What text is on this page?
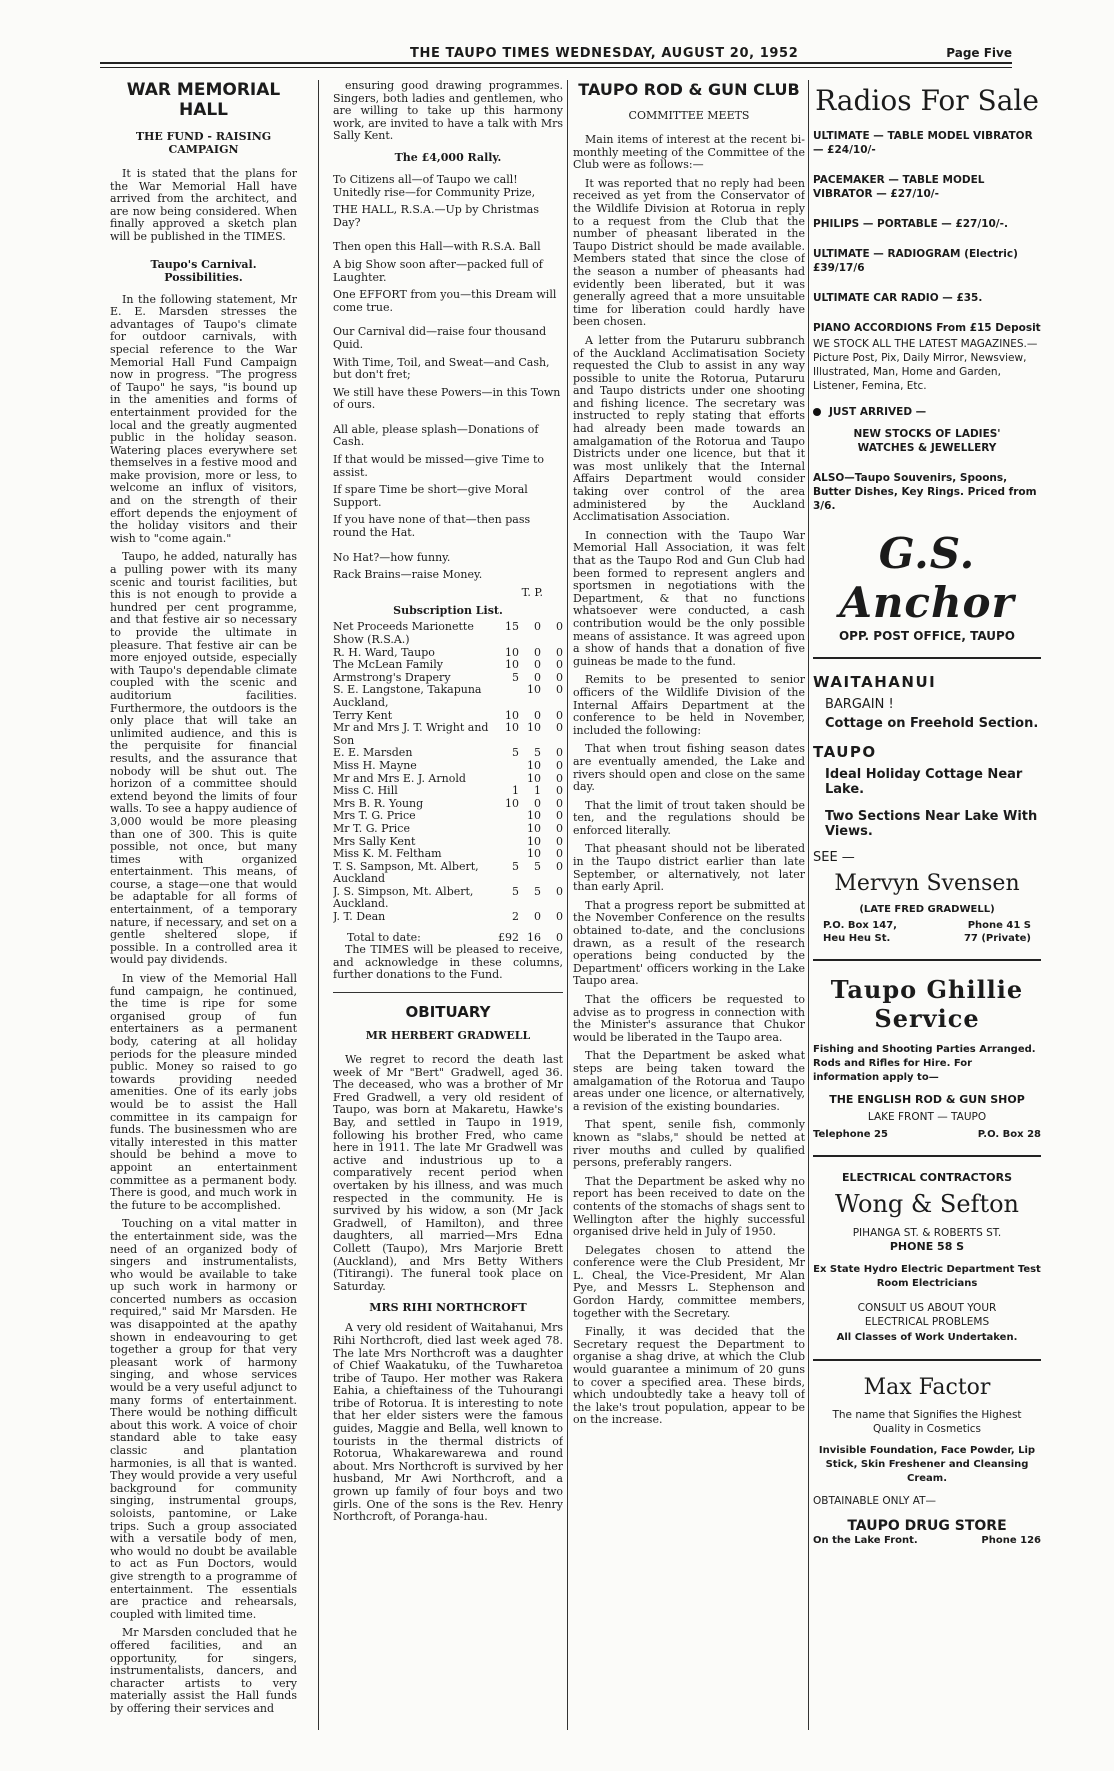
THE TAUPO TIMES WEDNESDAY, AUGUST 20, 1952	Page Five
WAR MEMORIAL HALL
THE FUND - RAISING CAMPAIGN

It is stated that the plans for the War Memorial Hall have arrived from the architect, and are now being considered. When finally approved a sketch plan will be published in the TIMES.

Taupo's Carnival. Possibilities.

In the following statement, Mr E. E. Marsden stresses the advantages of Taupo's climate for outdoor carnivals, with special reference to the War Memorial Hall Fund Campaign now in progress. "The progress of Taupo" he says, "is bound up in the amenities and forms of entertainment provided for the local and the greatly augmented public in the holiday season. Watering places everywhere set themselves in a festive mood and make provision, more or less, to welcome an influx of visitors, and on the strength of their effort depends the enjoyment of the holiday visitors and their wish to "come again."

Taupo, he added, naturally has a pulling power with its many scenic and tourist facilities, but this is not enough to provide a hundred per cent programme, and that festive air so necessary to provide the ultimate in pleasure. That festive air can be more enjoyed outside, especially with Taupo's dependable climate coupled with the scenic and auditorium facilities. Furthermore, the outdoors is the only place that will take an unlimited audience, and this is the perquisite for financial results, and the assurance that nobody will be shut out. The horizon of a committee should extend beyond the limits of four walls. To see a happy audience of 3,000 would be more pleasing than one of 300. This is quite possible, not once, but many times with organized entertainment. This means, of course, a stage—one that would be adaptable for all forms of entertainment, of a temporary nature, if necessary, and set on a gentle sheltered slope, if possible. In a controlled area it would pay dividends.

In view of the Memorial Hall fund campaign, he continued, the time is ripe for some organised group of fun entertainers as a permanent body, catering at all holiday periods for the pleasure minded public. Money so raised to go towards providing needed amenities. One of its early jobs would be to assist the Hall committee in its campaign for funds. The businessmen who are vitally interested in this matter should be behind a move to appoint an entertainment committee as a permanent body. There is good, and much work in the future to be accomplished.

Touching on a vital matter in the entertainment side, was the need of an organized body of singers and instrumentalists, who would be available to take up such work in harmony or concerted numbers as occasion required," said Mr Marsden. He was disappointed at the apathy shown in endeavouring to get together a group for that very pleasant work of harmony singing, and whose services would be a very useful adjunct to many forms of entertainment. There would be nothing difficult about this work. A voice of choir standard able to take easy classic and plantation harmonies, is all that is wanted. They would provide a very useful background for community singing, instrumental groups, soloists, pantomine, or Lake trips. Such a group associated with a versatile body of men, who would no doubt be available to act as Fun Doctors, would give strength to a programme of entertainment. The essentials are practice and rehearsals, coupled with limited time.

Mr Marsden concluded that he offered facilities, and an opportunity, for singers, instrumentalists, dancers, and character artists to very materially assist the Hall funds by offering their services and

ensuring good drawing programmes. Singers, both ladies and gentlemen, who are willing to take up this harmony work, are invited to have a talk with Mrs Sally Kent.

The £4,000 Rally.

To Citizens all—of Taupo we call! Unitedly rise—for Community Prize,

THE HALL, R.S.A.—Up by Christmas Day?

Then open this Hall—with R.S.A. Ball

A big Show soon after—packed full of Laughter.

One EFFORT from you—this Dream will come true.

Our Carnival did—raise four thousand Quid.

With Time, Toil, and Sweat—and Cash, but don't fret;

We still have these Powers—in this Town of ours.

All able, please splash—Donations of Cash.

If that would be missed—give Time to assist.

If spare Time be short—give Moral Support.

If you have none of that—then pass round the Hat.

No Hat?—how funny.

Rack Brains—raise Money.

T. P.

Subscription List.
Net Proceeds Marionette Show (R.S.A.)	15	0	0
R. H. Ward, Taupo	10	0	0
The McLean Family	10	0	0
Armstrong's Drapery	5	0	0
S. E. Langstone, Takapuna Auckland,		10	0
Terry Kent	10	0	0
Mr and Mrs J. T. Wright and Son	10	10	0
E. E. Marsden	5	5	0
Miss H. Mayne		10	0
Mr and Mrs E. J. Arnold		10	0
Miss C. Hill	1	1	0
Mrs B. R. Young	10	0	0
Mrs T. G. Price		10	0
Mr T. G. Price		10	0
Mrs Sally Kent		10	0
Miss K. M. Feltham		10	0
T. S. Sampson, Mt. Albert, Auckland	5	5	0
J. S. Simpson, Mt. Albert, Auckland.	5	5	0
J. T. Dean	2	0	0
Total to date:	£92	16	0

The TIMES will be pleased to receive, and acknowledge in these columns, further donations to the Fund.

OBITUARY
MR HERBERT GRADWELL

We regret to record the death last week of Mr "Bert" Gradwell, aged 36. The deceased, who was a brother of Mr Fred Gradwell, a very old resident of Taupo, was born at Makaretu, Hawke's Bay, and settled in Taupo in 1919, following his brother Fred, who came here in 1911. The late Mr Gradwell was active and industrious up to a comparatively recent period when overtaken by his illness, and was much respected in the community. He is survived by his widow, a son (Mr Jack Gradwell, of Hamilton), and three daughters, all married—Mrs Edna Collett (Taupo), Mrs Marjorie Brett (Auckland), and Mrs Betty Withers (Titirangi). The funeral took place on Saturday.

MRS RIHI NORTHCROFT

A very old resident of Waitahanui, Mrs Rihi Northcroft, died last week aged 78. The late Mrs Northcroft was a daughter of Chief Waakatuku, of the Tuwharetoa tribe of Taupo. Her mother was Rakera Eahia, a chieftainess of the Tuhourangi tribe of Rotorua. It is interesting to note that her elder sisters were the famous guides, Maggie and Bella, well known to tourists in the thermal districts of Rotorua, Whakarewarewa and round about. Mrs Northcroft is survived by her husband, Mr Awi Northcroft, and a grown up family of four boys and two girls. One of the sons is the Rev. Henry Northcroft, of Poranga-hau.

TAUPO ROD & GUN CLUB
COMMITTEE MEETS

Main items of interest at the recent bi-monthly meeting of the Committee of the Club were as follows:—

It was reported that no reply had been received as yet from the Conservator of the Wildlife Division at Rotorua in reply to a request from the Club that the number of pheasant liberated in the Taupo District should be made available. Members stated that since the close of the season a number of pheasants had evidently been liberated, but it was generally agreed that a more unsuitable time for liberation could hardly have been chosen.

A letter from the Putaruru subbranch of the Auckland Acclimatisation Society requested the Club to assist in any way possible to unite the Rotorua, Putaruru and Taupo districts under one shooting and fishing licence. The secretary was instructed to reply stating that efforts had already been made towards an amalgamation of the Rotorua and Taupo Districts under one licence, but that it was most unlikely that the Internal Affairs Department would consider taking over control of the area administered by the Auckland Acclimatisation Association.

In connection with the Taupo War Memorial Hall Association, it was felt that as the Taupo Rod and Gun Club had been formed to represent anglers and sportsmen in negotiations with the Department, & that no functions whatsoever were conducted, a cash contribution would be the only possible means of assistance. It was agreed upon a show of hands that a donation of five guineas be made to the fund.

Remits to be presented to senior officers of the Wildlife Division of the Internal Affairs Department at the conference to be held in November, included the following:

That when trout fishing season dates are eventually amended, the Lake and rivers should open and close on the same day.

That the limit of trout taken should be ten, and the regulations should be enforced literally.

That pheasant should not be liberated in the Taupo district earlier than late September, or alternatively, not later than early April.

That a progress report be submitted at the November Conference on the results obtained to-date, and the conclusions drawn, as a result of the research operations being conducted by the Department' officers working in the Lake Taupo area.

That the officers be requested to advise as to progress in connection with the Minister's assurance that Chukor would be liberated in the Taupo area.

That the Department be asked what steps are being taken toward the amalgamation of the Rotorua and Taupo areas under one licence, or alternatively, a revision of the existing boundaries.

That spent, senile fish, commonly known as "slabs," should be netted at river mouths and culled by qualified persons, preferably rangers.

That the Department be asked why no report has been received to date on the contents of the stomachs of shags sent to Wellington after the highly successful organised drive held in July of 1950.

Delegates chosen to attend the conference were the Club President, Mr L. Cheal, the Vice-President, Mr Alan Pye, and Messrs L. Stephenson and Gordon Hardy, committee members, together with the Secretary.

Finally, it was decided that the Secretary request the Department to organise a shag drive, at which the Club would guarantee a minimum of 20 guns to cover a specified area. These birds, which undoubtedly take a heavy toll of the lake's trout population, appear to be on the increase.

Radios For Sale
ULTIMATE — TABLE MODEL VIBRATOR — £24/10/-
PACEMAKER — TABLE MODEL VIBRATOR — £27/10/-
PHILIPS — PORTABLE — £27/10/-.
ULTIMATE — RADIOGRAM (Electric) £39/17/6
ULTIMATE CAR RADIO — £35.
PIANO ACCORDIONS From £15 Deposit
WE STOCK ALL THE LATEST MAGAZINES.—Picture Post, Pix, Daily Mirror, Newsview, Illustrated, Man, Home and Garden, Listener, Femina, Etc.
JUST ARRIVED —
NEW STOCKS OF LADIES' WATCHES & JEWELLERY
ALSO—Taupo Souvenirs, Spoons, Butter Dishes, Key Rings. Priced from 3/6.
G.S. Anchor
OPP. POST OFFICE, TAUPO
WAITAHANUI
BARGAIN !
Cottage on Freehold Section.
TAUPO
Ideal Holiday Cottage Near Lake.
Two Sections Near Lake With Views.
SEE —
Mervyn Svensen
(LATE FRED GRADWELL)
P.O. Box 147,	Phone 41 S
Heu Heu St.	77 (Private)
Taupo Ghillie Service
Fishing and Shooting Parties Arranged. Rods and Rifles for Hire. For information apply to—
THE ENGLISH ROD & GUN SHOP
LAKE FRONT — TAUPO
Telephone 25	P.O. Box 28
ELECTRICAL CONTRACTORS
Wong & Sefton
PIHANGA ST. & ROBERTS ST.
PHONE 58 S
Ex State Hydro Electric Department Test Room Electricians
CONSULT US ABOUT YOUR ELECTRICAL PROBLEMS
All Classes of Work Undertaken.
Max Factor
The name that Signifies the Highest Quality in Cosmetics
Invisible Foundation, Face Powder, Lip Stick, Skin Freshener and Cleansing Cream.
OBTAINABLE ONLY AT—
TAUPO DRUG STORE
On the Lake Front.	Phone 126
